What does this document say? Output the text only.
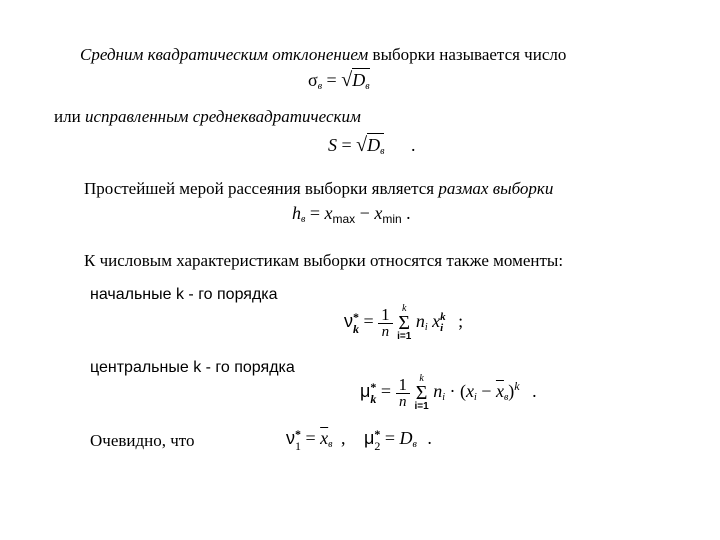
Средним квадратическим отклонением выборки называется число
$\sigma_в = √D_в$
или исправленным среднеквадратическим
$S = √D_в$ .
Простейшей мерой рассеяния выборки является размах выборки
$h_в = x_{max} - x_{min}$ .
К числовым характеристикам выборки относятся также моменты:
начальные k - го порядка
ν *
$k = \frac{1}{n}$
k
Σ
i=1
$n_i$ x k
i ;
центральные k - го порядка
μ *
$k = \frac{1}{n}$
k
Σ
i=1
$n_i \cdot (x_i - \overline{x}_в)^k$ .
Очевидно, что	ν *
$1 = \overline{x}_в$ , μ *
$2 = D_в$ .
